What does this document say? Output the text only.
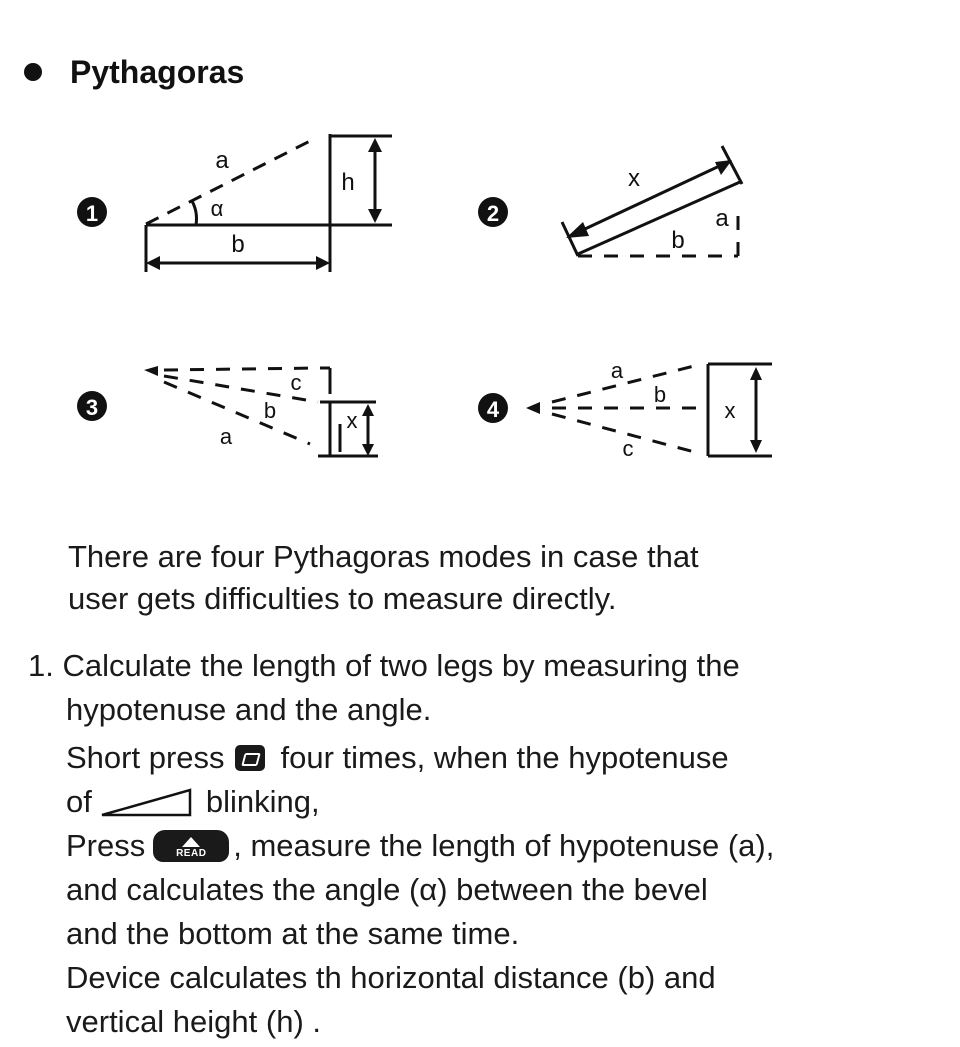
Pythagoras
1
a
α
h
b
2
x
a
b
3
c
b
a
x	4
a
b
c
x
There are four Pythagoras modes in case that
user gets difficulties to measure directly.
1. Calculate the length of two legs by measuring the
hypotenuse and the angle.
Short press four times, when the hypotenuse
of	blinking,
Press	READ , measure the length of hypotenuse (a),
and calculates the angle (α) between the bevel
and the bottom at the same time.
Device calculates th horizontal distance (b) and
vertical height (h) .
